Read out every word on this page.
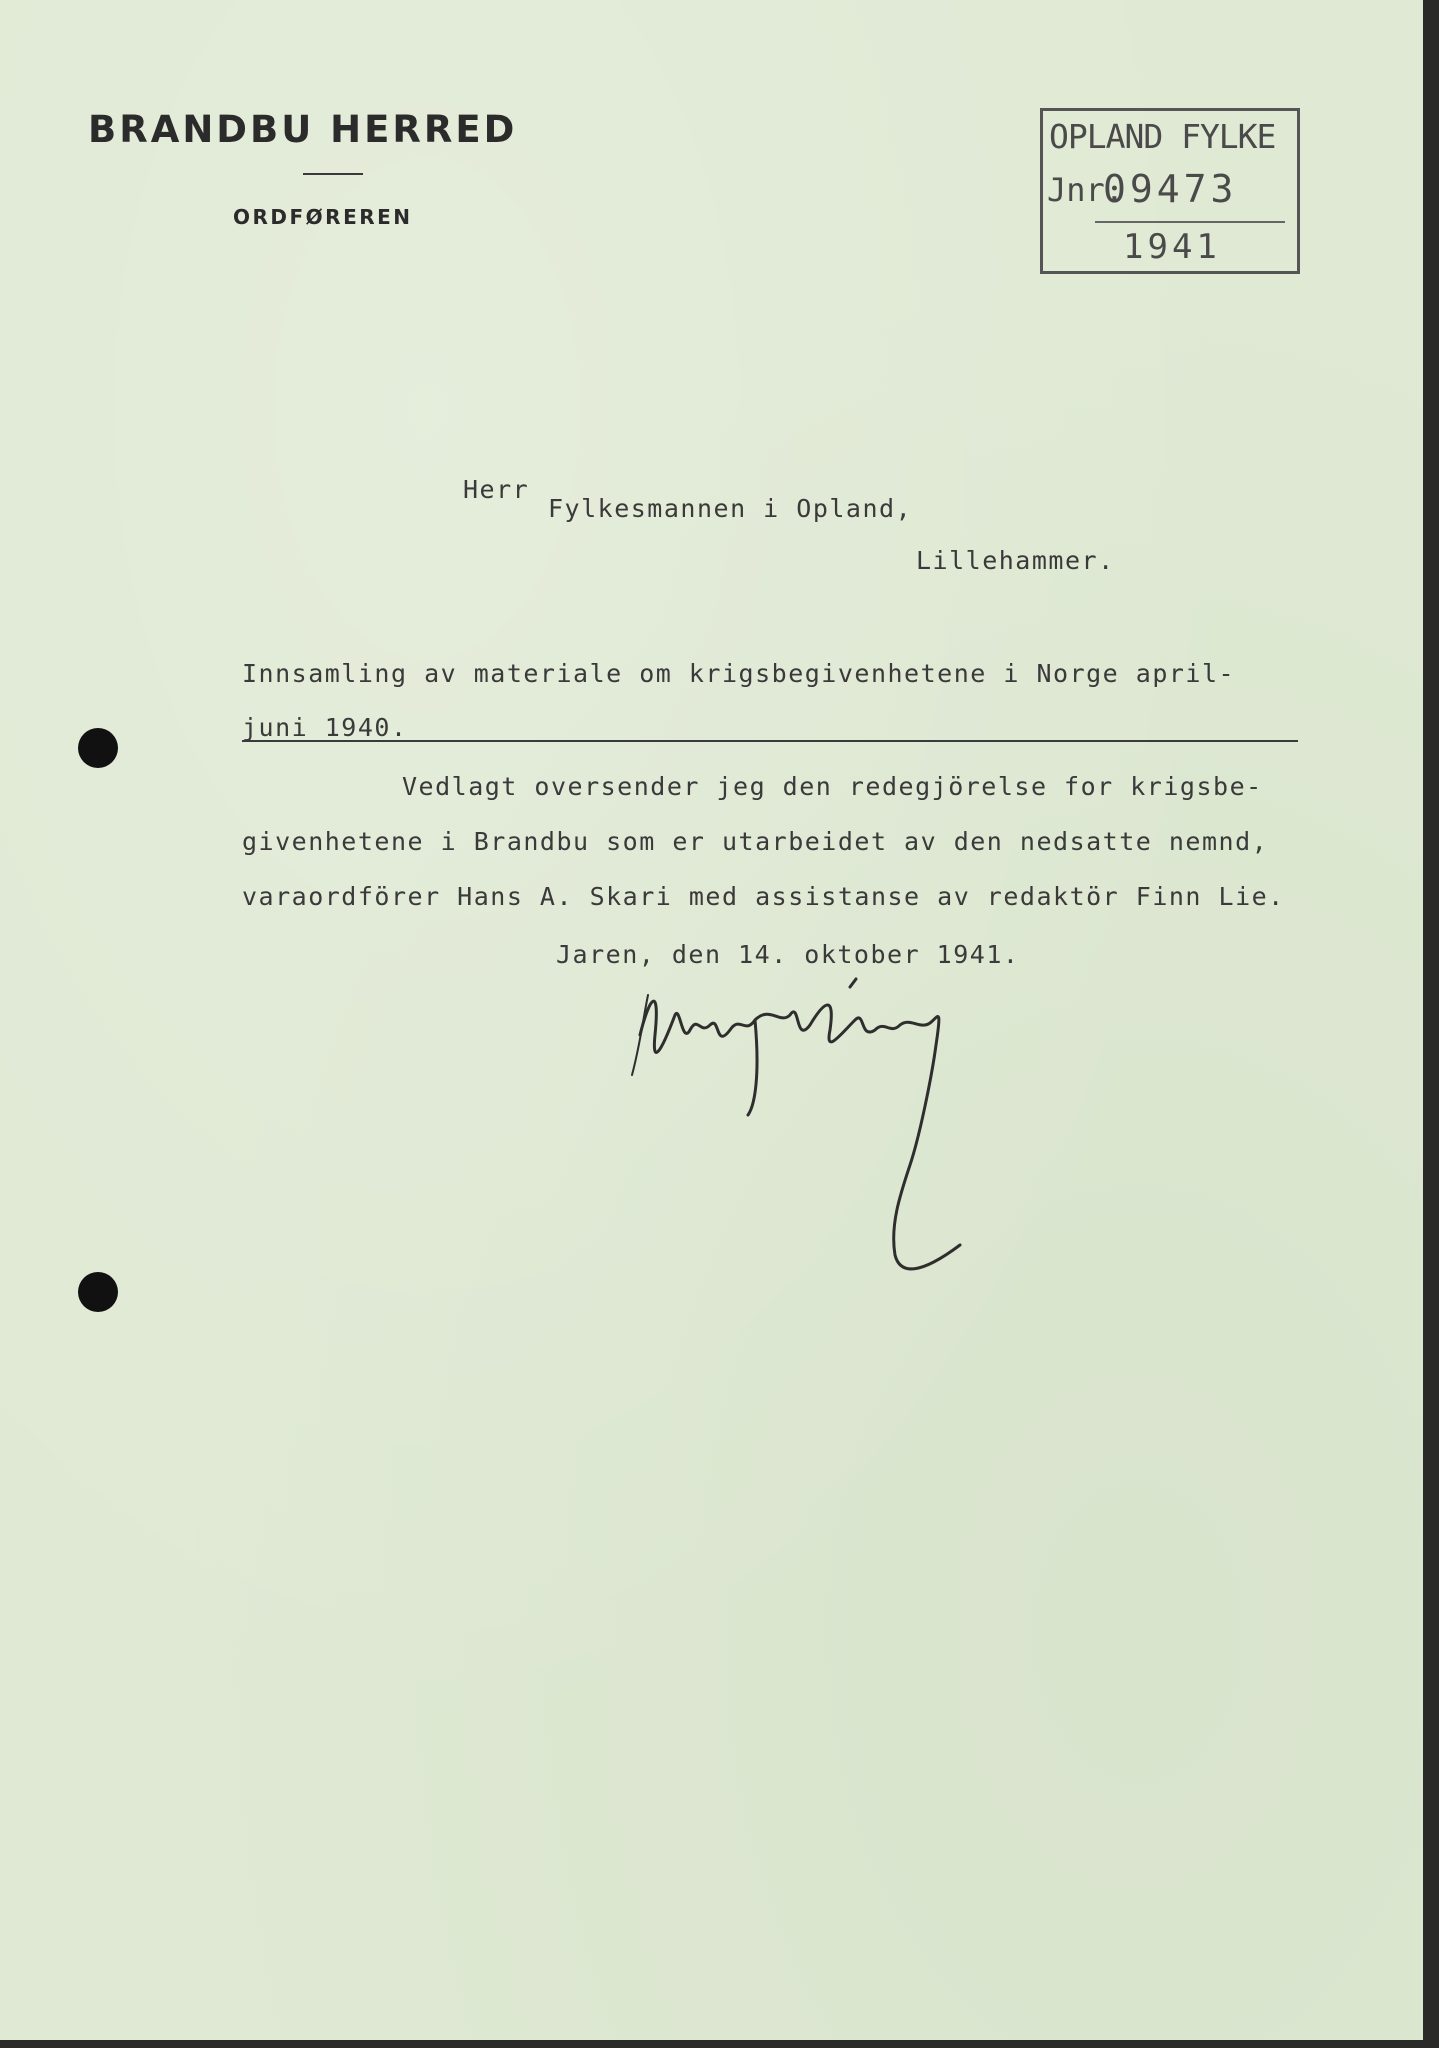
BRANDBU HERRED
ORDFØREREN
OPLAND FYLKE
Jnr.
09473
1941
Herr
Fylkesmannen i Opland,
Lillehammer.
Innsamling av materiale om krigsbegivenhetene i Norge april-
juni 1940.
Vedlagt oversender jeg den redegjörelse for krigsbe-
givenhetene i Brandbu som er utarbeidet av den nedsatte nemnd,
varaordförer Hans A. Skari med assistanse av redaktör Finn Lie.
Jaren, den 14. oktober 1941.
